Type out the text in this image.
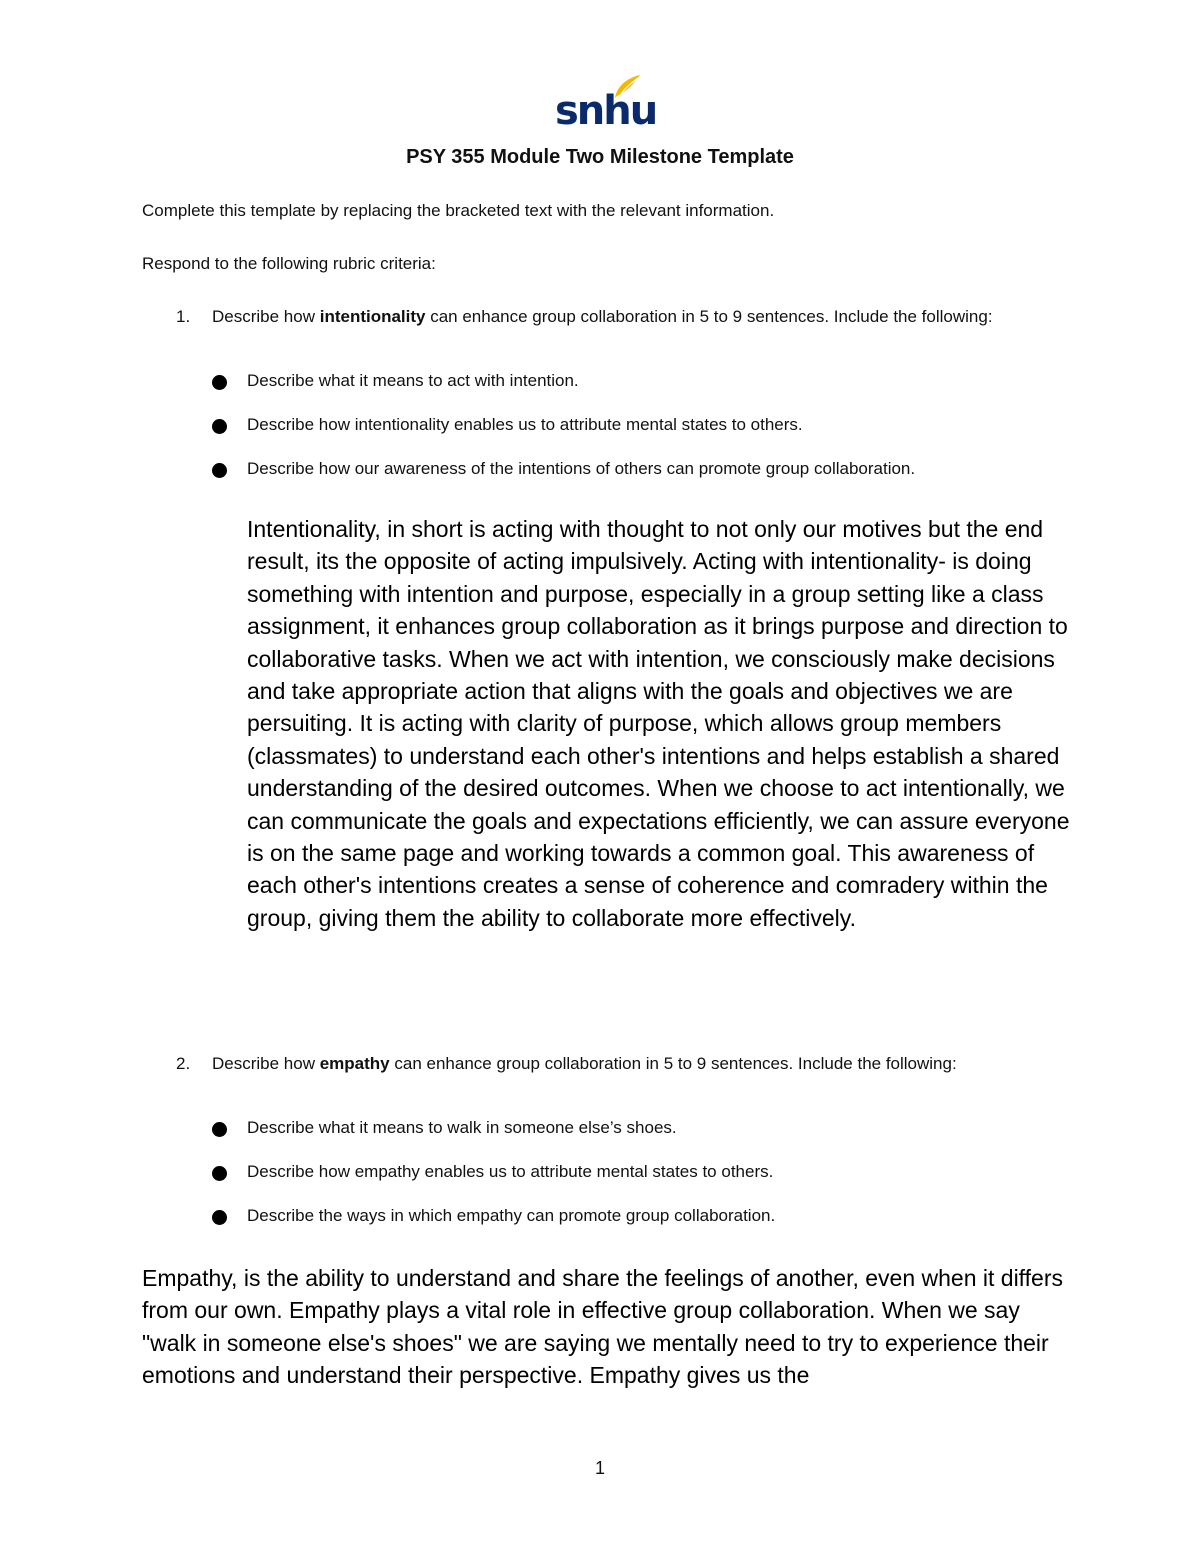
snhu
PSY 355 Module Two Milestone Template
Complete this template by replacing the bracketed text with the relevant information.
Respond to the following rubric criteria:
1. Describe how intentionality can enhance group collaboration in 5 to 9 sentences. Include the following:
Describe what it means to act with intention.
Describe how intentionality enables us to attribute mental states to others.
Describe how our awareness of the intentions of others can promote group collaboration.
Intentionality, in short is acting with thought to not only our motives but the end result, its the opposite of acting impulsively. Acting with intentionality- is doing something with intention and purpose, especially in a group setting like a class assignment, it enhances group collaboration as it brings purpose and direction to collaborative tasks. When we act with intention, we consciously make decisions and take appropriate action that aligns with the goals and objectives we are persuiting. It is acting with clarity of purpose, which allows group members (classmates) to understand each other's intentions and helps establish a shared understanding of the desired outcomes. When we choose to act intentionally, we can communicate the goals and expectations efficiently, we can assure everyone is on the same page and working towards a common goal. This awareness of each other's intentions creates a sense of coherence and comradery within the group, giving them the ability to collaborate more effectively.
2. Describe how empathy can enhance group collaboration in 5 to 9 sentences. Include the following:
Describe what it means to walk in someone else’s shoes.
Describe how empathy enables us to attribute mental states to others.
Describe the ways in which empathy can promote group collaboration.
Empathy, is the ability to understand and share the feelings of another, even when it differs from our own. Empathy plays a vital role in effective group collaboration. When we say "walk in someone else's shoes" we are saying we mentally need to try to experience their emotions and understand their perspective. Empathy gives us the
1
